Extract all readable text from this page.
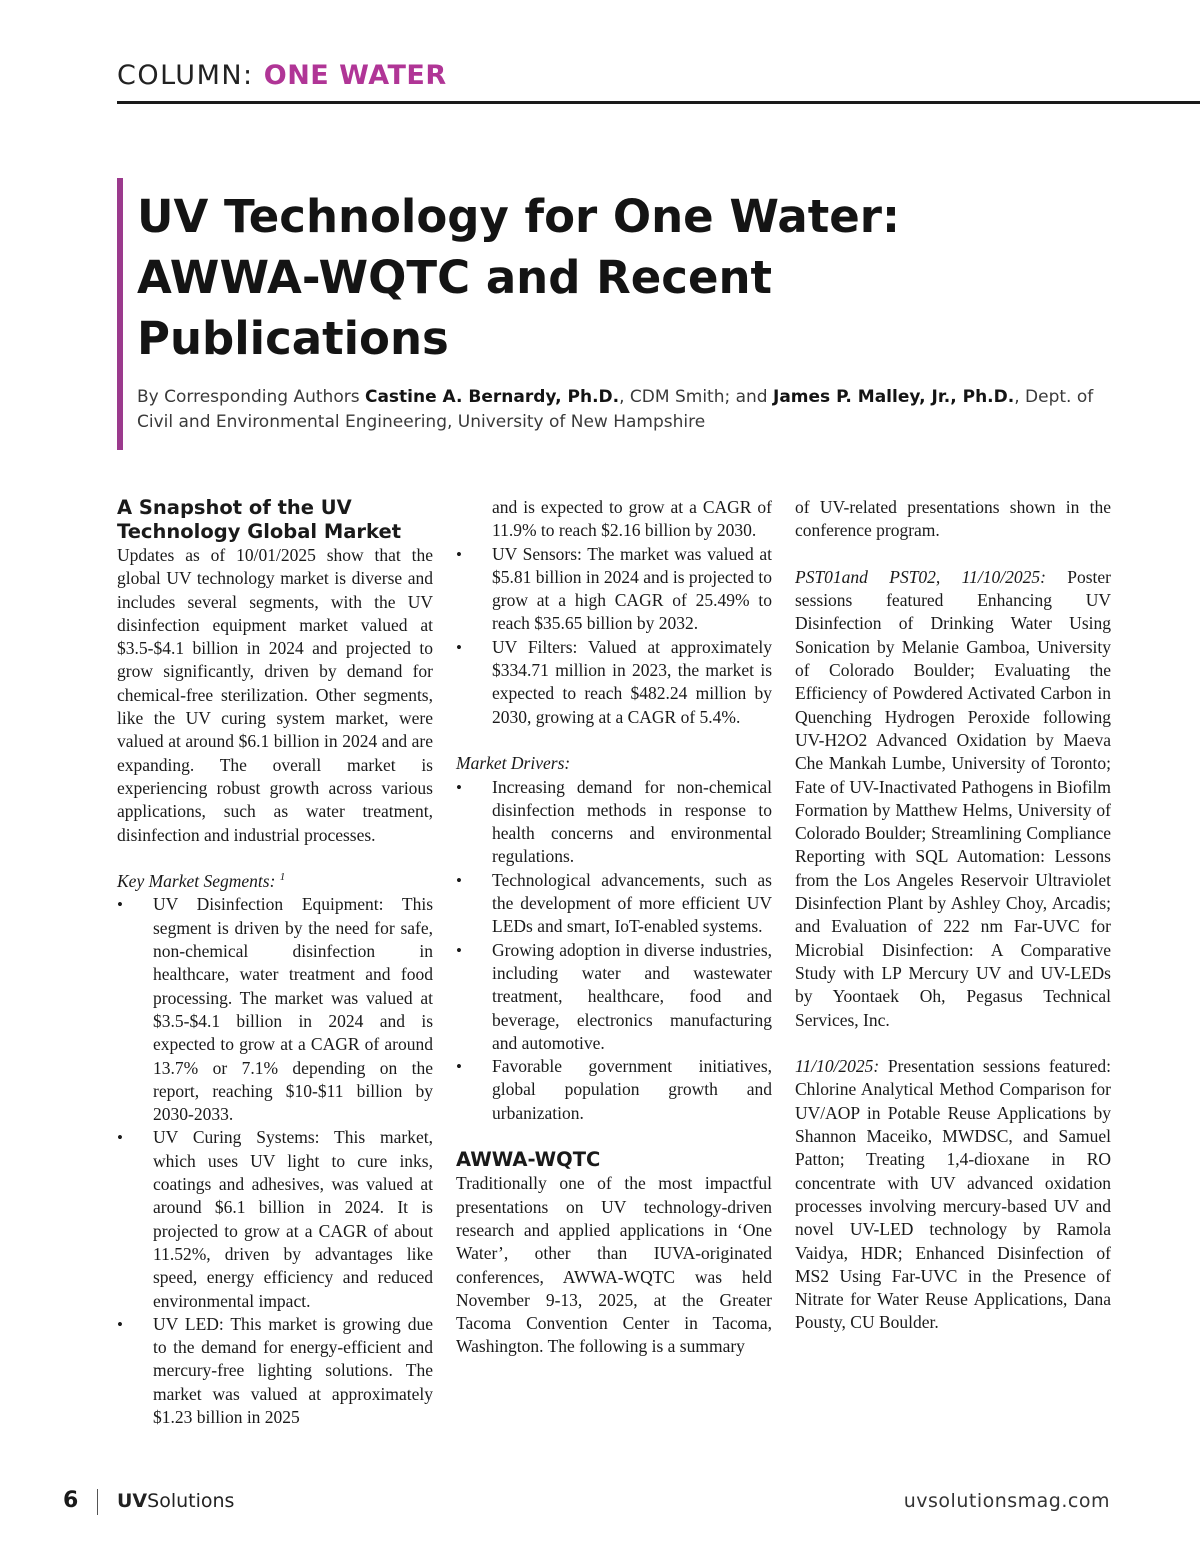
COLUMN: ONE WATER
UV Technology for One Water:
AWWA-WQTC and Recent
Publications
By Corresponding Authors Castine A. Bernardy, Ph.D., CDM Smith; and James P. Malley, Jr., Ph.D., Dept. of Civil and Environmental Engineering, University of New Hampshire
A Snapshot of the UV Technology Global Market

Updates as of 10/01/2025 show that the global UV technology market is diverse and includes several segments, with the UV disinfection equipment market valued at $3.5-$4.1 billion in 2024 and projected to grow significantly, driven by demand for chemical-free sterilization. Other segments, like the UV curing system market, were valued at around $6.1 billion in 2024 and are expanding. The overall market is experiencing robust growth across various applications, such as water treatment, disinfection and industrial processes.

Key Market Segments: $^1$

• UV Disinfection Equipment: This segment is driven by the need for safe, non-chemical disinfection in healthcare, water treatment and food processing. The market was valued at $3.5-$4.1 billion in 2024 and is expected to grow at a CAGR of around 13.7% or 7.1% depending on the report, reaching $10-$11 billion by 2030-2033.
• UV Curing Systems: This market, which uses UV light to cure inks, coatings and adhesives, was valued at around $6.1 billion in 2024. It is projected to grow at a CAGR of about 11.52%, driven by advantages like speed, energy efficiency and reduced environmental impact.
• UV LED: This market is growing due to the demand for energy-efficient and mercury-free lighting solutions. The market was valued at approximately $1.23 billion in 2025
and is expected to grow at a CAGR of 11.9% to reach $2.16 billion by 2030.
• UV Sensors: The market was valued at $5.81 billion in 2024 and is projected to grow at a high CAGR of 25.49% to reach $35.65 billion by 2032.
• UV Filters: Valued at approximately $334.71 million in 2023, the market is expected to reach $482.24 million by 2030, growing at a CAGR of 5.4%.

Market Drivers:

• Increasing demand for non-chemical disinfection methods in response to health concerns and environmental regulations.
• Technological advancements, such as the development of more efficient UV LEDs and smart, IoT-enabled systems.
• Growing adoption in diverse industries, including water and wastewater treatment, healthcare, food and beverage, electronics manufacturing and automotive.
• Favorable government initiatives, global population growth and urbanization.
AWWA-WQTC

Traditionally one of the most impactful presentations on UV technology-driven research and applied applications in ‘One Water’, other than IUVA-originated conferences, AWWA-WQTC was held November 9-13, 2025, at the Greater Tacoma Convention Center in Tacoma, Washington. The following is a summary

of UV-related presentations shown in the conference program.

PST01and PST02, 11/10/2025: Poster sessions featured Enhancing UV Disinfection of Drinking Water Using Sonication by Melanie Gamboa, University of Colorado Boulder; Evaluating the Efficiency of Powdered Activated Carbon in Quenching Hydrogen Peroxide following UV-H2O2 Advanced Oxidation by Maeva Che Mankah Lumbe, University of Toronto; Fate of UV-Inactivated Pathogens in Biofilm Formation by Matthew Helms, University of Colorado Boulder; Streamlining Compliance Reporting with SQL Automation: Lessons from the Los Angeles Reservoir Ultraviolet Disinfection Plant by Ashley Choy, Arcadis; and Evaluation of 222 nm Far-UVC for Microbial Disinfection: A Comparative Study with LP Mercury UV and UV-LEDs by Yoontaek Oh, Pegasus Technical Services, Inc.

11/10/2025: Presentation sessions featured: Chlorine Analytical Method Comparison for UV/AOP in Potable Reuse Applications by Shannon Maceiko, MWDSC, and Samuel Patton; Treating 1,4-dioxane in RO concentrate with UV advanced oxidation processes involving mercury-based UV and novel UV-LED technology by Ramola Vaidya, HDR; Enhanced Disinfection of MS2 Using Far-UVC in the Presence of Nitrate for Water Reuse Applications, Dana Pousty, CU Boulder.

6 UVSolutions	uvsolutionsmag.com
